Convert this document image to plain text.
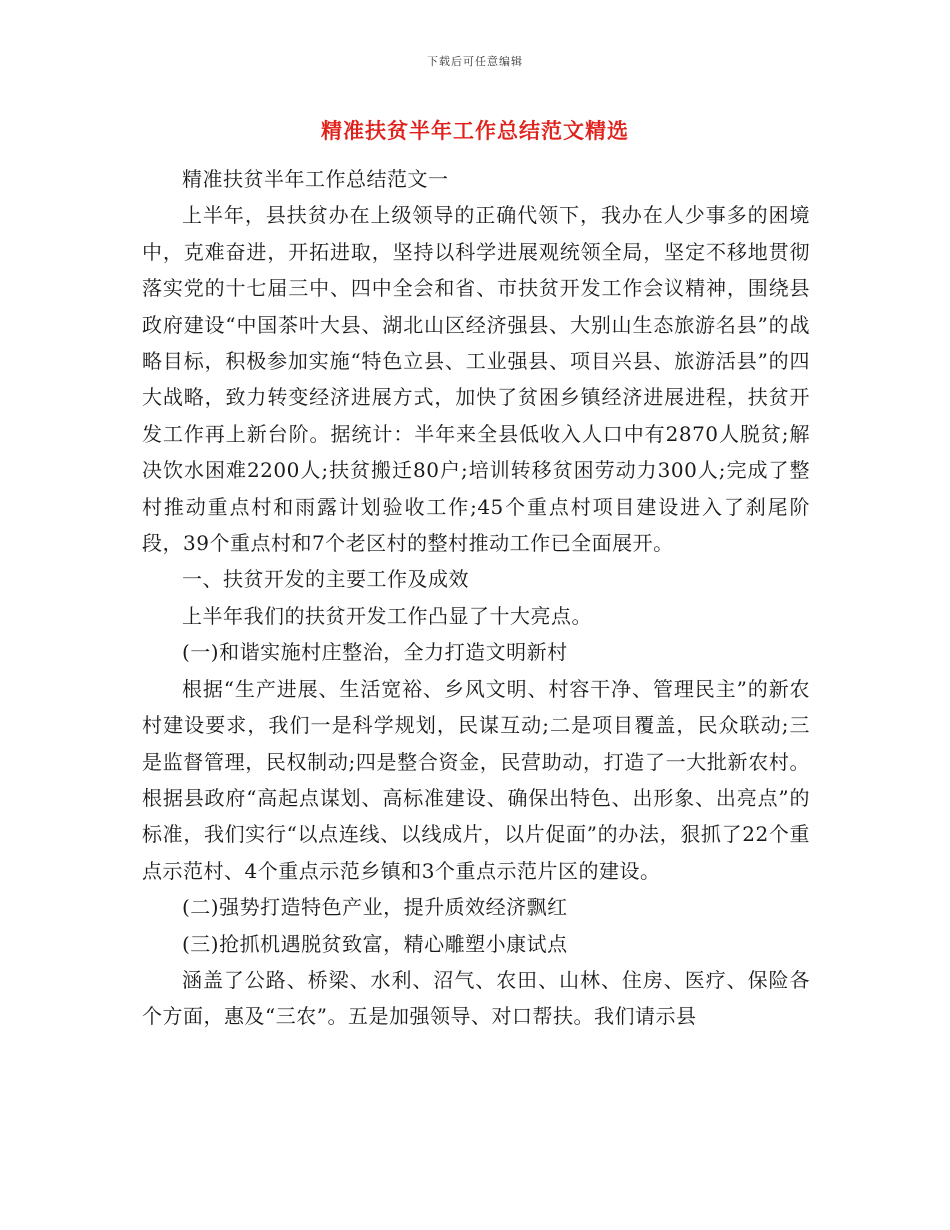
下载后可任意编辑
精准扶贫半年工作总结范文精选

精准扶贫半年工作总结范文一

上半年，县扶贫办在上级领导的正确代领下，我办在人少事多的困境中，克难奋进，开拓进取，坚持以科学进展观统领全局，坚定不移地贯彻落实党的十七届三中、四中全会和省、市扶贫开发工作会议精神，围绕县政府建设“中国茶叶大县、湖北山区经济强县、大别山生态旅游名县”的战略目标，积极参加实施“特色立县、工业强县、项目兴县、旅游活县”的四大战略，致力转变经济进展方式，加快了贫困乡镇经济进展进程，扶贫开发工作再上新台阶。据统计：半年来全县低收入人口中有2870人脱贫;解决饮水困难2200人;扶贫搬迁80户;培训转移贫困劳动力300人;完成了整村推动重点村和雨露计划验收工作;45个重点村项目建设进入了刹尾阶段，39个重点村和7个老区村的整村推动工作已全面展开。

一、扶贫开发的主要工作及成效

上半年我们的扶贫开发工作凸显了十大亮点。

(一)和谐实施村庄整治，全力打造文明新村

根据“生产进展、生活宽裕、乡风文明、村容干净、管理民主”的新农村建设要求，我们一是科学规划，民谋互动;二是项目覆盖，民众联动;三是监督管理，民权制动;四是整合资金，民营助动，打造了一大批新农村。根据县政府“高起点谋划、高标准建设、确保出特色、出形象、出亮点”的标准，我们实行“以点连线、以线成片，以片促面”的办法，狠抓了22个重点示范村、4个重点示范乡镇和3个重点示范片区的建设。

(二)强势打造特色产业，提升质效经济飘红

(三)抢抓机遇脱贫致富，精心雕塑小康试点

涵盖了公路、桥梁、水利、沼气、农田、山林、住房、医疗、保险各个方面，惠及“三农”。五是加强领导、对口帮扶。我们请示县
